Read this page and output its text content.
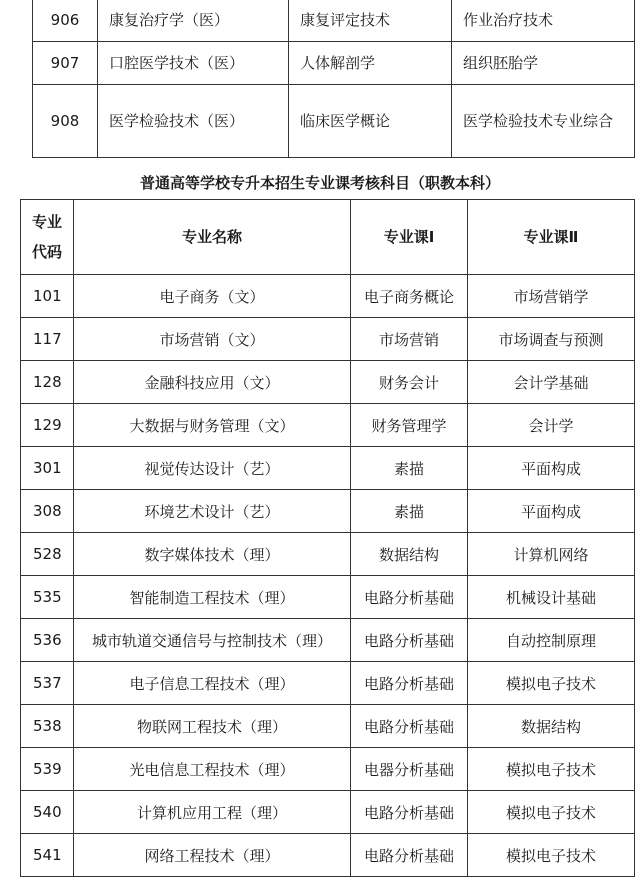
906	康复治疗学（医）	康复评定技术	作业治疗技术
907	口腔医学技术（医）	人体解剖学	组织胚胎学
908	医学检验技术（医）	临床医学概论	医学检验技术专业综合
普通高等学校专升本招生专业课考核科目（职教本科）
专业
代码	专业名称	专业课Ⅰ	专业课Ⅱ
101	电子商务（文）	电子商务概论	市场营销学
117	市场营销（文）	市场营销	市场调查与预测
128	金融科技应用（文）	财务会计	会计学基础
129	大数据与财务管理（文）	财务管理学	会计学
301	视觉传达设计（艺）	素描	平面构成
308	环境艺术设计（艺）	素描	平面构成
528	数字媒体技术（理）	数据结构	计算机网络
535	智能制造工程技术（理）	电路分析基础	机械设计基础
536	城市轨道交通信号与控制技术（理）	电路分析基础	自动控制原理
537	电子信息工程技术（理）	电路分析基础	模拟电子技术
538	物联网工程技术（理）	电路分析基础	数据结构
539	光电信息工程技术（理）	电器分析基础	模拟电子技术
540	计算机应用工程（理）	电路分析基础	模拟电子技术
541	网络工程技术（理）	电路分析基础	模拟电子技术
